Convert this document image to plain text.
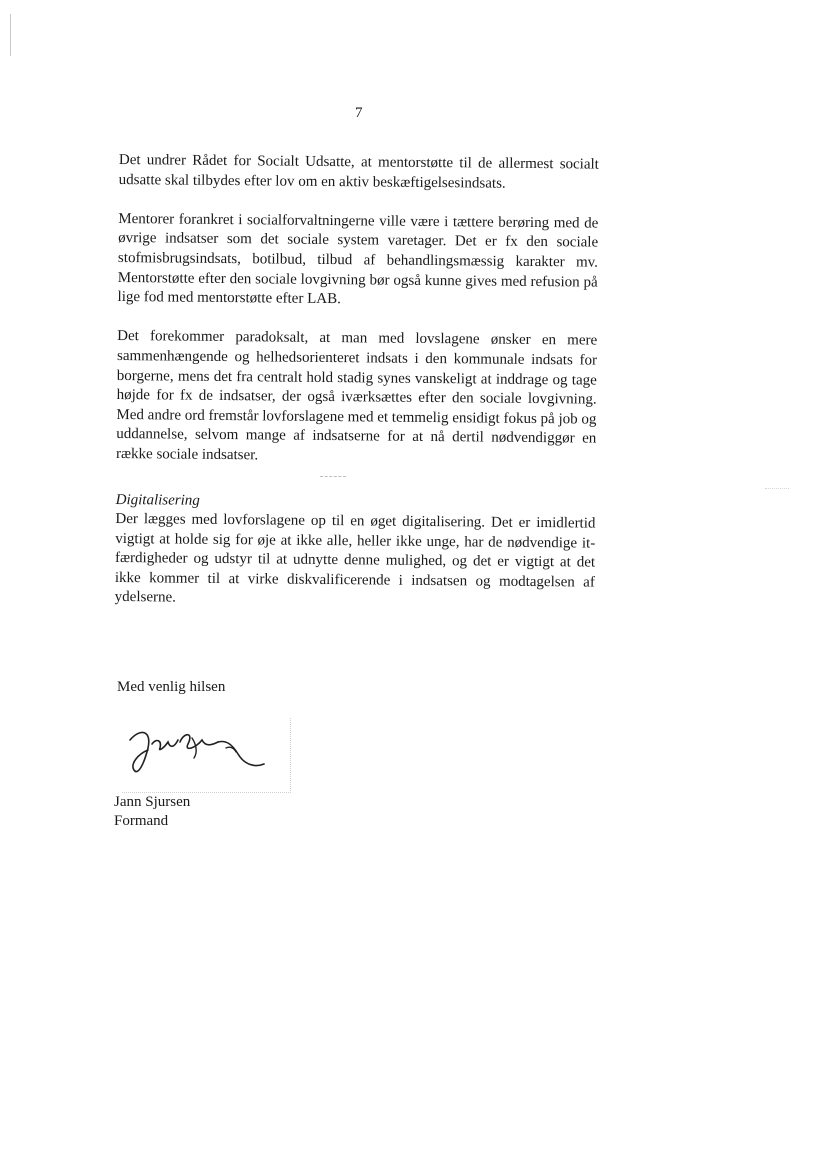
7

Det undrer Rådet for Socialt Udsatte, at mentorstøtte til de allermest socialt udsatte skal tilbydes efter lov om en aktiv beskæftigelsesindsats.

Mentorer forankret i socialforvaltningerne ville være i tættere berøring med de øvrige indsatser som det sociale system varetager. Det er fx den sociale stofmisbrugsindsats, botilbud, tilbud af behandlingsmæssig karakter mv. Mentorstøtte efter den sociale lovgivning bør også kunne gives med refusion på lige fod med mentorstøtte efter LAB.

Det forekommer paradoksalt, at man med lovslagene ønsker en mere sammenhængende og helhedsorienteret indsats i den kommunale indsats for borgerne, mens det fra centralt hold stadig synes vanskeligt at inddrage og tage højde for fx de indsatser, der også iværksættes efter den sociale lovgivning. Med andre ord fremstår lovforslagene med et temmelig ensidigt fokus på job og uddannelse, selvom mange af indsatserne for at nå dertil nødvendiggør en række sociale indsatser.

Digitalisering

Der lægges med lovforslagene op til en øget digitalisering. Det er imidlertid vigtigt at holde sig for øje at ikke alle, heller ikke unge, har de nødvendige it-færdigheder og udstyr til at udnytte denne mulighed, og det er vigtigt at det ikke kommer til at virke diskvalificerende i indsatsen og modtagelsen af ydelserne.

Med venlig hilsen
Jann Sjursen
Formand
